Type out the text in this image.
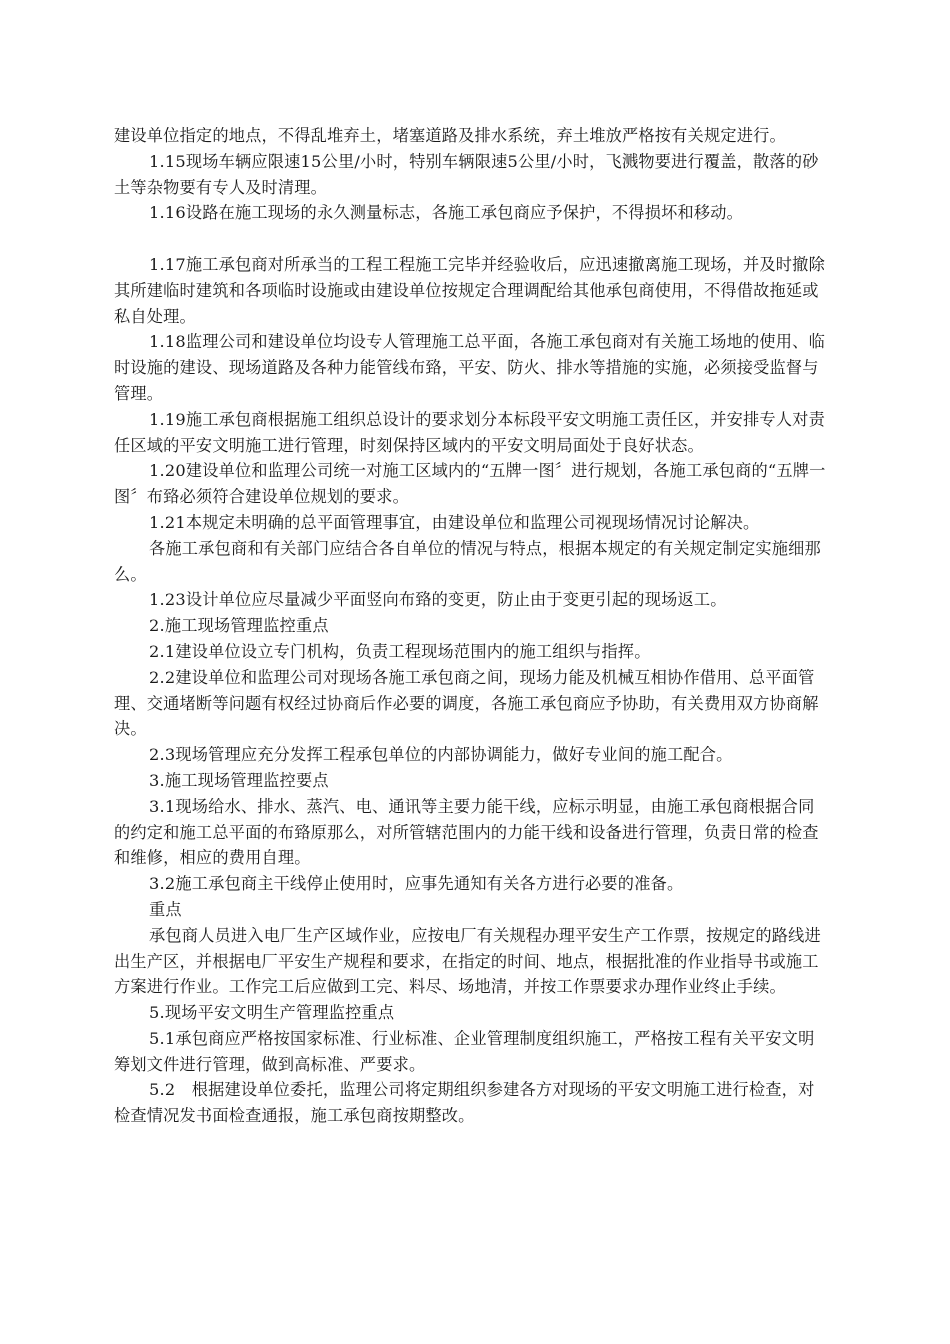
建设单位指定的地点，不得乱堆弃土，堵塞道路及排水系统，弃土堆放严格按有关规定进行。

1.15现场车辆应限速15公里/小时，特别车辆限速5公里/小时，飞溅物要进行覆盖，散落的砂土等杂物要有专人及时清理。

1.16设路在施工现场的永久测量标志，各施工承包商应予保护，不得损坏和移动。

1.17施工承包商对所承当的工程工程施工完毕并经验收后，应迅速撤离施工现场，并及时撤除其所建临时建筑和各项临时设施或由建设单位按规定合理调配给其他承包商使用，不得借故拖延或私自处理。

1.18监理公司和建设单位均设专人管理施工总平面，各施工承包商对有关施工场地的使用、临时设施的建设、现场道路及各种力能管线布臵，平安、防火、排水等措施的实施，必须接受监督与管理。

1.19施工承包商根据施工组织总设计的要求划分本标段平安文明施工责任区，并安排专人对责任区域的平安文明施工进行管理，时刻保持区域内的平安文明局面处于良好状态。

1.20建设单位和监理公司统一对施工区域内的“五牌一图〞进行规划，各施工承包商的“五牌一图〞布臵必须符合建设单位规划的要求。

1.21本规定未明确的总平面管理事宜，由建设单位和监理公司视现场情况讨论解决。

各施工承包商和有关部门应结合各自单位的情况与特点，根据本规定的有关规定制定实施细那么。

1.23设计单位应尽量减少平面竖向布臵的变更，防止由于变更引起的现场返工。

2.施工现场管理监控重点

2.1建设单位设立专门机构，负责工程现场范围内的施工组织与指挥。

2.2建设单位和监理公司对现场各施工承包商之间，现场力能及机械互相协作借用、总平面管理、交通堵断等问题有权经过协商后作必要的调度，各施工承包商应予协助，有关费用双方协商解决。

2.3现场管理应充分发挥工程承包单位的内部协调能力，做好专业间的施工配合。

3.施工现场管理监控要点

3.1现场给水、排水、蒸汽、电、通讯等主要力能干线，应标示明显，由施工承包商根据合同的约定和施工总平面的布臵原那么，对所管辖范围内的力能干线和设备进行管理，负责日常的检查和维修，相应的费用自理。

3.2施工承包商主干线停止使用时，应事先通知有关各方进行必要的准备。

重点

承包商人员进入电厂生产区域作业，应按电厂有关规程办理平安生产工作票，按规定的路线进出生产区，并根据电厂平安生产规程和要求，在指定的时间、地点，根据批准的作业指导书或施工方案进行作业。工作完工后应做到工完、料尽、场地清，并按工作票要求办理作业终止手续。

5.现场平安文明生产管理监控重点

5.1承包商应严格按国家标准、行业标准、企业管理制度组织施工，严格按工程有关平安文明筹划文件进行管理，做到高标准、严要求。

5.2　根据建设单位委托，监理公司将定期组织参建各方对现场的平安文明施工进行检查，对检查情况发书面检查通报，施工承包商按期整改。
